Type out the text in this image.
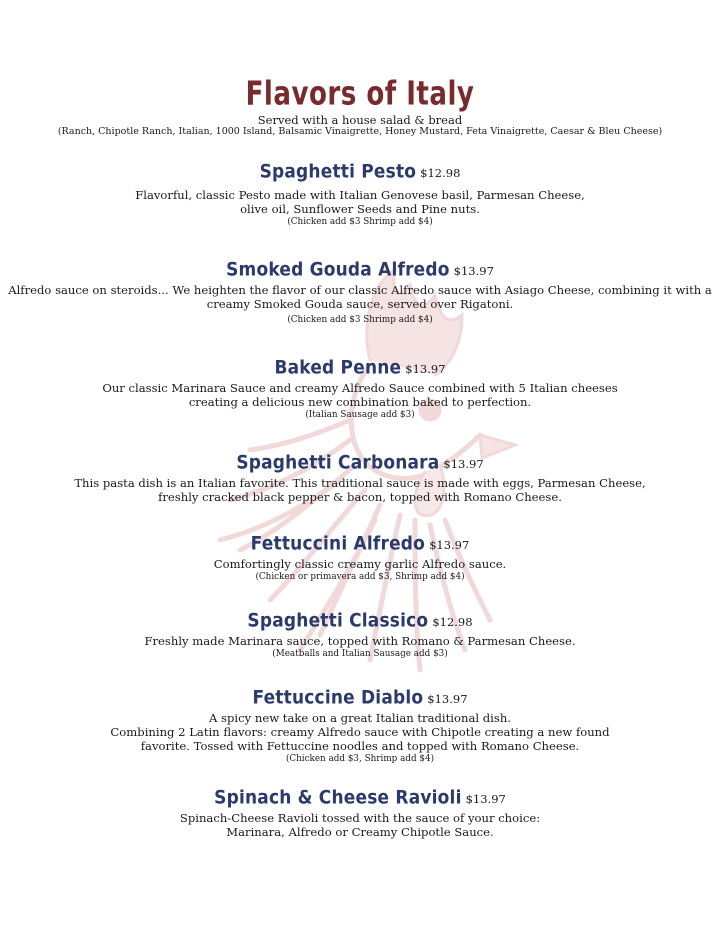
Flavors of Italy
Served with a house salad & bread
(Ranch, Chipotle Ranch, Italian, 1000 Island, Balsamic Vinaigrette, Honey Mustard, Feta Vinaigrette, Caesar & Bleu Cheese)
Spaghetti Pesto $12.98
Flavorful, classic Pesto made with Italian Genovese basil, Parmesan Cheese,
olive oil, Sunflower Seeds and Pine nuts.
(Chicken add $3 Shrimp add $4)
Smoked Gouda Alfredo $13.97
Alfredo sauce on steroids... We heighten the flavor of our classic Alfredo sauce with Asiago Cheese, combining it with a
creamy Smoked Gouda sauce, served over Rigatoni.
(Chicken add $3 Shrimp add $4)
Baked Penne $13.97
Our classic Marinara Sauce and creamy Alfredo Sauce combined with 5 Italian cheeses
creating a delicious new combination baked to perfection.
(Italian Sausage add $3)
Spaghetti Carbonara $13.97
This pasta dish is an Italian favorite. This traditional sauce is made with eggs, Parmesan Cheese,
freshly cracked black pepper & bacon, topped with Romano Cheese.
Fettuccini Alfredo $13.97
Comfortingly classic creamy garlic Alfredo sauce.
(Chicken or primavera add $3, Shrimp add $4)
Spaghetti Classico $12.98
Freshly made Marinara sauce, topped with Romano & Parmesan Cheese.
(Meatballs and Italian Sausage add $3)
Fettuccine Diablo $13.97
A spicy new take on a great Italian traditional dish.
Combining 2 Latin flavors: creamy Alfredo sauce with Chipotle creating a new found
favorite. Tossed with Fettuccine noodles and topped with Romano Cheese.
(Chicken add $3, Shrimp add $4)
Spinach & Cheese Ravioli $13.97
Spinach-Cheese Ravioli tossed with the sauce of your choice:
Marinara, Alfredo or Creamy Chipotle Sauce.
